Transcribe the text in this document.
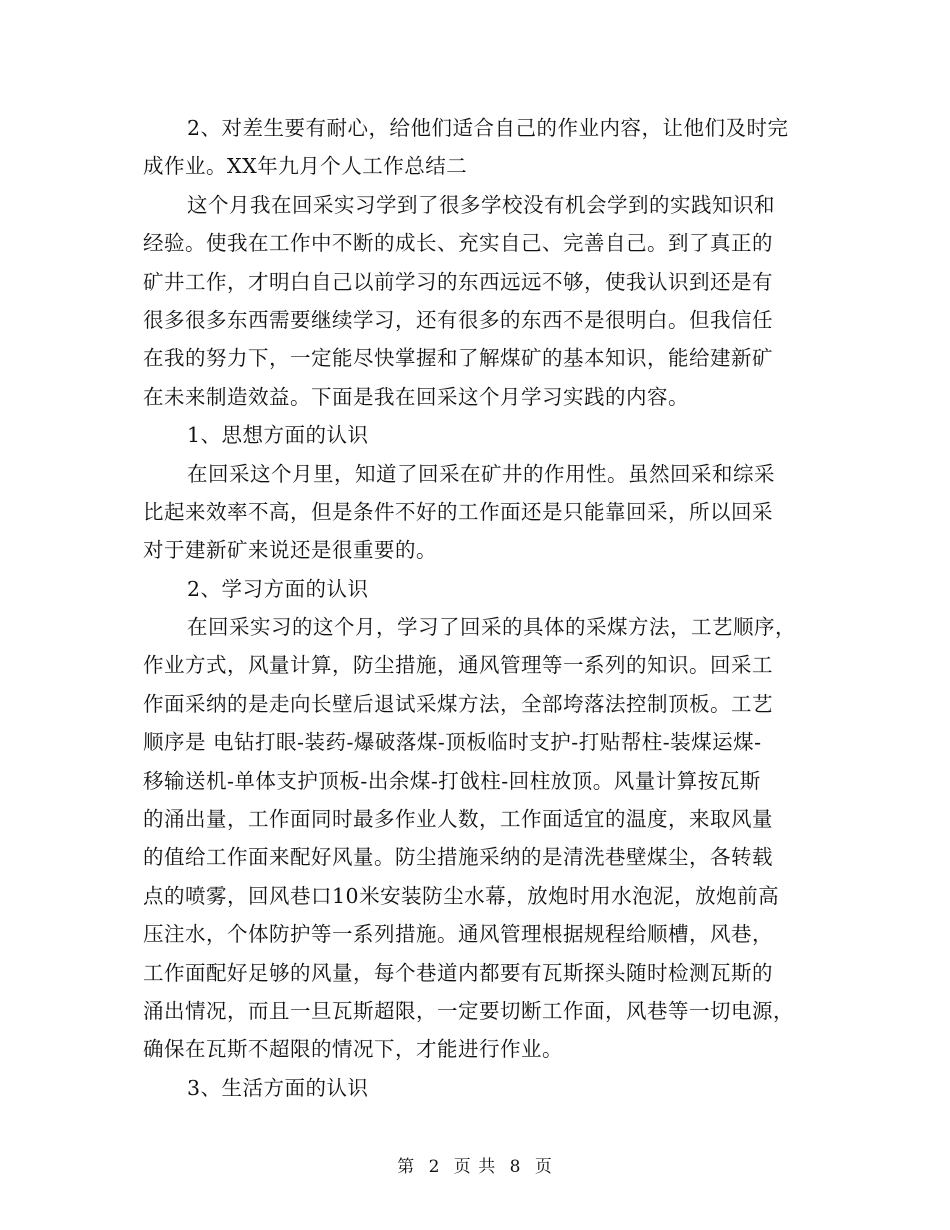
2、对差生要有耐心，给他们适合自己的作业内容，让他们及时完
成作业。XX年九月个人工作总结二
这个月我在回采实习学到了很多学校没有机会学到的实践知识和
经验。使我在工作中不断的成长、充实自己、完善自己。到了真正的
矿井工作，才明白自己以前学习的东西远远不够，使我认识到还是有
很多很多东西需要继续学习，还有很多的东西不是很明白。但我信任
在我的努力下，一定能尽快掌握和了解煤矿的基本知识，能给建新矿
在未来制造效益。下面是我在回采这个月学习实践的内容。
1、思想方面的认识
在回采这个月里，知道了回采在矿井的作用性。虽然回采和综采
比起来效率不高，但是条件不好的工作面还是只能靠回采，所以回采
对于建新矿来说还是很重要的。
2、学习方面的认识
在回采实习的这个月，学习了回采的具体的采煤方法，工艺顺序，
作业方式，风量计算，防尘措施，通风管理等一系列的知识。回采工
作面采纳的是走向长壁后退试采煤方法，全部垮落法控制顶板。工艺
顺序是 电钻打眼-装药-爆破落煤-顶板临时支护-打贴帮柱-装煤运煤-
移输送机-单体支护顶板-出余煤-打戗柱-回柱放顶。风量计算按瓦斯
的涌出量，工作面同时最多作业人数，工作面适宜的温度，来取风量
的值给工作面来配好风量。防尘措施采纳的是清洗巷壁煤尘，各转载
点的喷雾，回风巷口10米安装防尘水幕，放炮时用水泡泥，放炮前高
压注水，个体防护等一系列措施。通风管理根据规程给顺槽，风巷，
工作面配好足够的风量，每个巷道内都要有瓦斯探头随时检测瓦斯的
涌出情况，而且一旦瓦斯超限，一定要切断工作面，风巷等一切电源，
确保在瓦斯不超限的情况下，才能进行作业。
3、生活方面的认识
第 2 页 共 8 页
